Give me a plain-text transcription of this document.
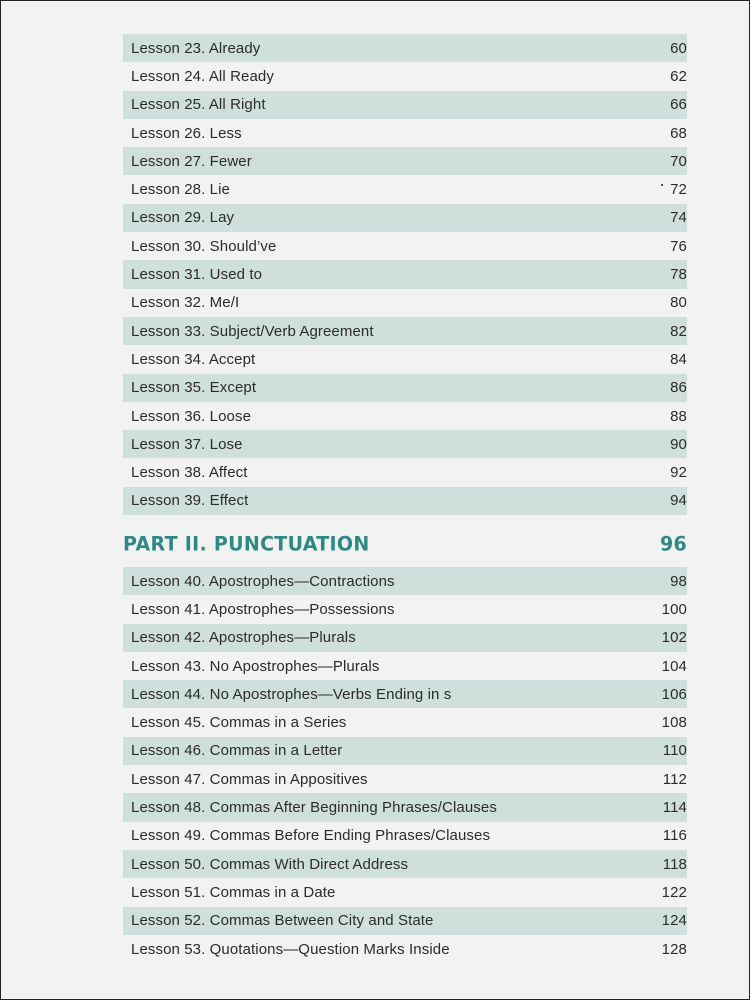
Lesson 23. Already	60
Lesson 24. All Ready	62
Lesson 25. All Right	66
Lesson 26. Less	68
Lesson 27. Fewer	70
Lesson 28. Lie	72
Lesson 29. Lay	74
Lesson 30. Should’ve	76
Lesson 31. Used to	78
Lesson 32. Me/I	80
Lesson 33. Subject/Verb Agreement	82
Lesson 34. Accept	84
Lesson 35. Except	86
Lesson 36. Loose	88
Lesson 37. Lose	90
Lesson 38. Affect	92
Lesson 39. Effect	94
PART II. PUNCTUATION	96
Lesson 40. Apostrophes—Contractions	98
Lesson 41. Apostrophes—Possessions	100
Lesson 42. Apostrophes—Plurals	102
Lesson 43. No Apostrophes—Plurals	104
Lesson 44. No Apostrophes—Verbs Ending in s	106
Lesson 45. Commas in a Series	108
Lesson 46. Commas in a Letter	110
Lesson 47. Commas in Appositives	112
Lesson 48. Commas After Beginning Phrases/Clauses	114
Lesson 49. Commas Before Ending Phrases/Clauses	116
Lesson 50. Commas With Direct Address	118
Lesson 51. Commas in a Date	122
Lesson 52. Commas Between City and State	124
Lesson 53. Quotations—Question Marks Inside	128
